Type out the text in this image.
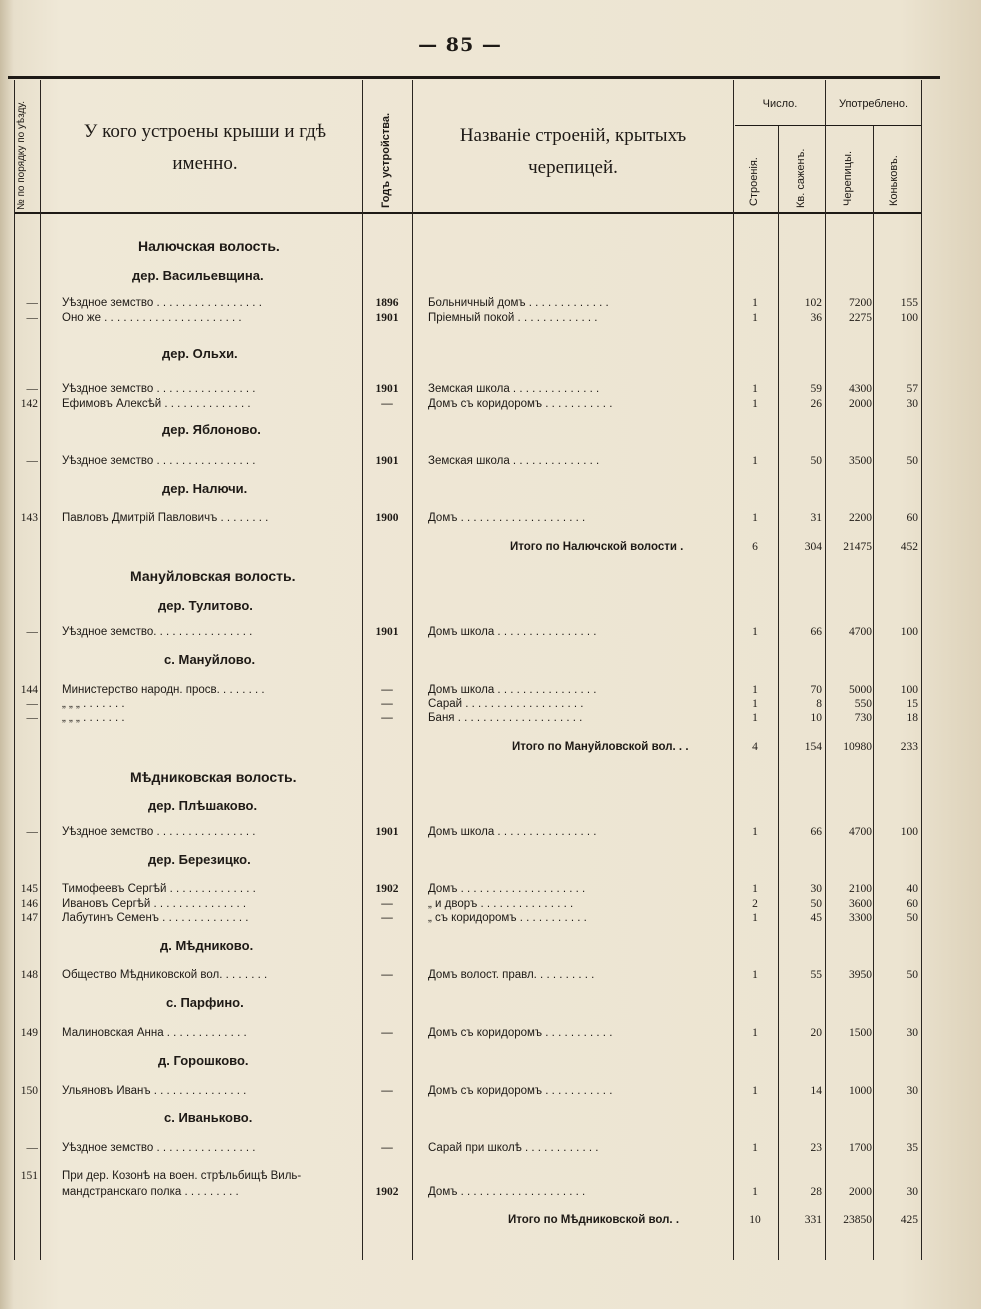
— 85 —
№ по порядку по уѣзду.	У кого устроены крыши и гдѣ именно.	Годъ устройства.	Названіе строеній, крытыхъ черепицей.
Число.	Употреблено.
Строенія.	Кв. саженъ.	Черепицы.	Коньковъ.
Налючская волость.
дер. Васильевщина.
дер. Ольхи.
дер. Яблоново.
дер. Налючи.
Мануйловская волость.
дер. Тулитово.
с. Мануйлово.
Мѣдниковская волость.
дер. Плѣшаково.
дер. Березицко.
д. Мѣдниково.
с. Парфино.
д. Горошково.
с. Иваньково.
— Уѣздное земство . . . . . . . . . . . . . . . . .	1896	Больничный домъ . . . . . . . . . . . . .	1	102	7200	155
— Оно же . . . . . . . . . . . . . . . . . . . . . .	1901	Пріемный покой . . . . . . . . . . . . .	1	36	2275	100
— Уѣздное земство . . . . . . . . . . . . . . . .	1901	Земская школа . . . . . . . . . . . . . .	1	59	4300	57
142 Ефимовъ Алексѣй . . . . . . . . . . . . . .	—	Домъ съ коридоромъ . . . . . . . . . . .	1	26	2000	30
— Уѣздное земство . . . . . . . . . . . . . . . .	1901	Земская школа . . . . . . . . . . . . . .	1	50	3500	50
143 Павловъ Дмитрій Павловичъ . . . . . . . .	1900	Домъ . . . . . . . . . . . . . . . . . . . .	1	31	2200	60
— Уѣздное земство. . . . . . . . . . . . . . . .	1901	Домъ школа . . . . . . . . . . . . . . . .	1	66	4700	100
144 Министерство народн. просв. . . . . . . .	—	Домъ школа . . . . . . . . . . . . . . . .	1	70	5000	100
— „ „ „ . . . . . . .	—	Сарай . . . . . . . . . . . . . . . . . . .	1	8	550	15
— „ „ „ . . . . . . .	—	Баня . . . . . . . . . . . . . . . . . . . .	1	10	730	18
— Уѣздное земство . . . . . . . . . . . . . . . .	1901	Домъ школа . . . . . . . . . . . . . . . .	1	66	4700	100
145 Тимофеевъ Сергѣй . . . . . . . . . . . . . .	1902	Домъ . . . . . . . . . . . . . . . . . . . .	1	30	2100	40
146 Ивановъ Сергѣй . . . . . . . . . . . . . . .	—	„ и дворъ . . . . . . . . . . . . . . .	2	50	3600	60
147 Лабутинъ Семенъ . . . . . . . . . . . . . .	—	„ съ коридоромъ . . . . . . . . . . .	1	45	3300	50
148 Общество Мѣдниковской вол. . . . . . . .	—	Домъ волост. правл. . . . . . . . . .	1	55	3950	50
149 Малиновская Анна . . . . . . . . . . . . .	—	Домъ съ коридоромъ . . . . . . . . . . .	1	20	1500	30
150 Ульяновъ Иванъ . . . . . . . . . . . . . . .	—	Домъ съ коридоромъ . . . . . . . . . . .	1	14	1000	30
— Уѣздное земство . . . . . . . . . . . . . . . .	—	Сарай при школѣ . . . . . . . . . . . .	1	23	1700	35
151 При дер. Козонѣ на воен. стрѣльбищѣ Виль-
мандстранскаго полка . . . . . . . . .	1902	Домъ . . . . . . . . . . . . . . . . . . . .	1	28	2000	30
Итого по Налючской волости .	6	304	21475	452
Итого по Мануйловской вол. . .	4	154	10980	233
Итого по Мѣдниковской вол. .	10	331	23850	425
